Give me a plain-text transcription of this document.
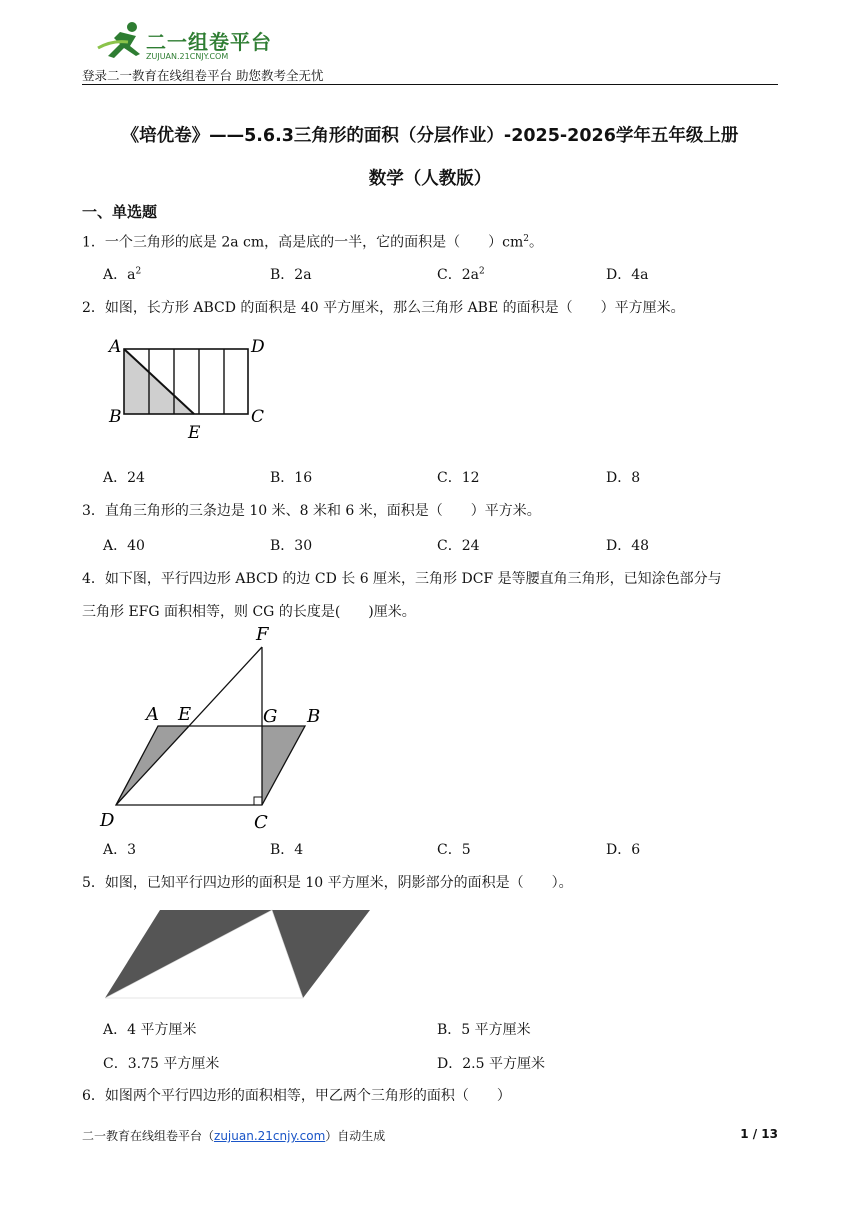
二一组卷平台
ZUJUAN.21CNJY.COM
登录二一教育在线组卷平台 助您教考全无忧
《培优卷》——5.6.3三角形的面积（分层作业）-2025-2026学年五年级上册
数学（人教版）
一、单选题
1．一个三角形的底是 2a cm，高是底的一半，它的面积是（　　）$cm^2$。
A．$a^2$	B．2a	C．$2a^2$	D．4a
2．如图，长方形 ABCD 的面积是 40 平方厘米，那么三角形 ABE 的面积是（　　）平方厘米。
A	D
B	C
E
A．24	B．16	C．12	D．8
3．直角三角形的三条边是 10 米、8 米和 6 米，面积是（　　）平方米。
A．40	B．30	C．24	D．48
4．如下图，平行四边形 ABCD 的边 CD 长 6 厘米，三角形 DCF 是等腰直角三角形，已知涂色部分与
三角形 EFG 面积相等，则 CG 的长度是(　　)厘米。
F
A E	G B
D	C
A．3	B．4	C．5	D．6
5．如图，已知平行四边形的面积是 10 平方厘米，阴影部分的面积是（　　）。
A．4 平方厘米	B．5 平方厘米
C．3.75 平方厘米	D．2.5 平方厘米
6．如图两个平行四边形的面积相等，甲乙两个三角形的面积（　　）
二一教育在线组卷平台（zujuan.21cnjy.com）自动生成	1 / 13
